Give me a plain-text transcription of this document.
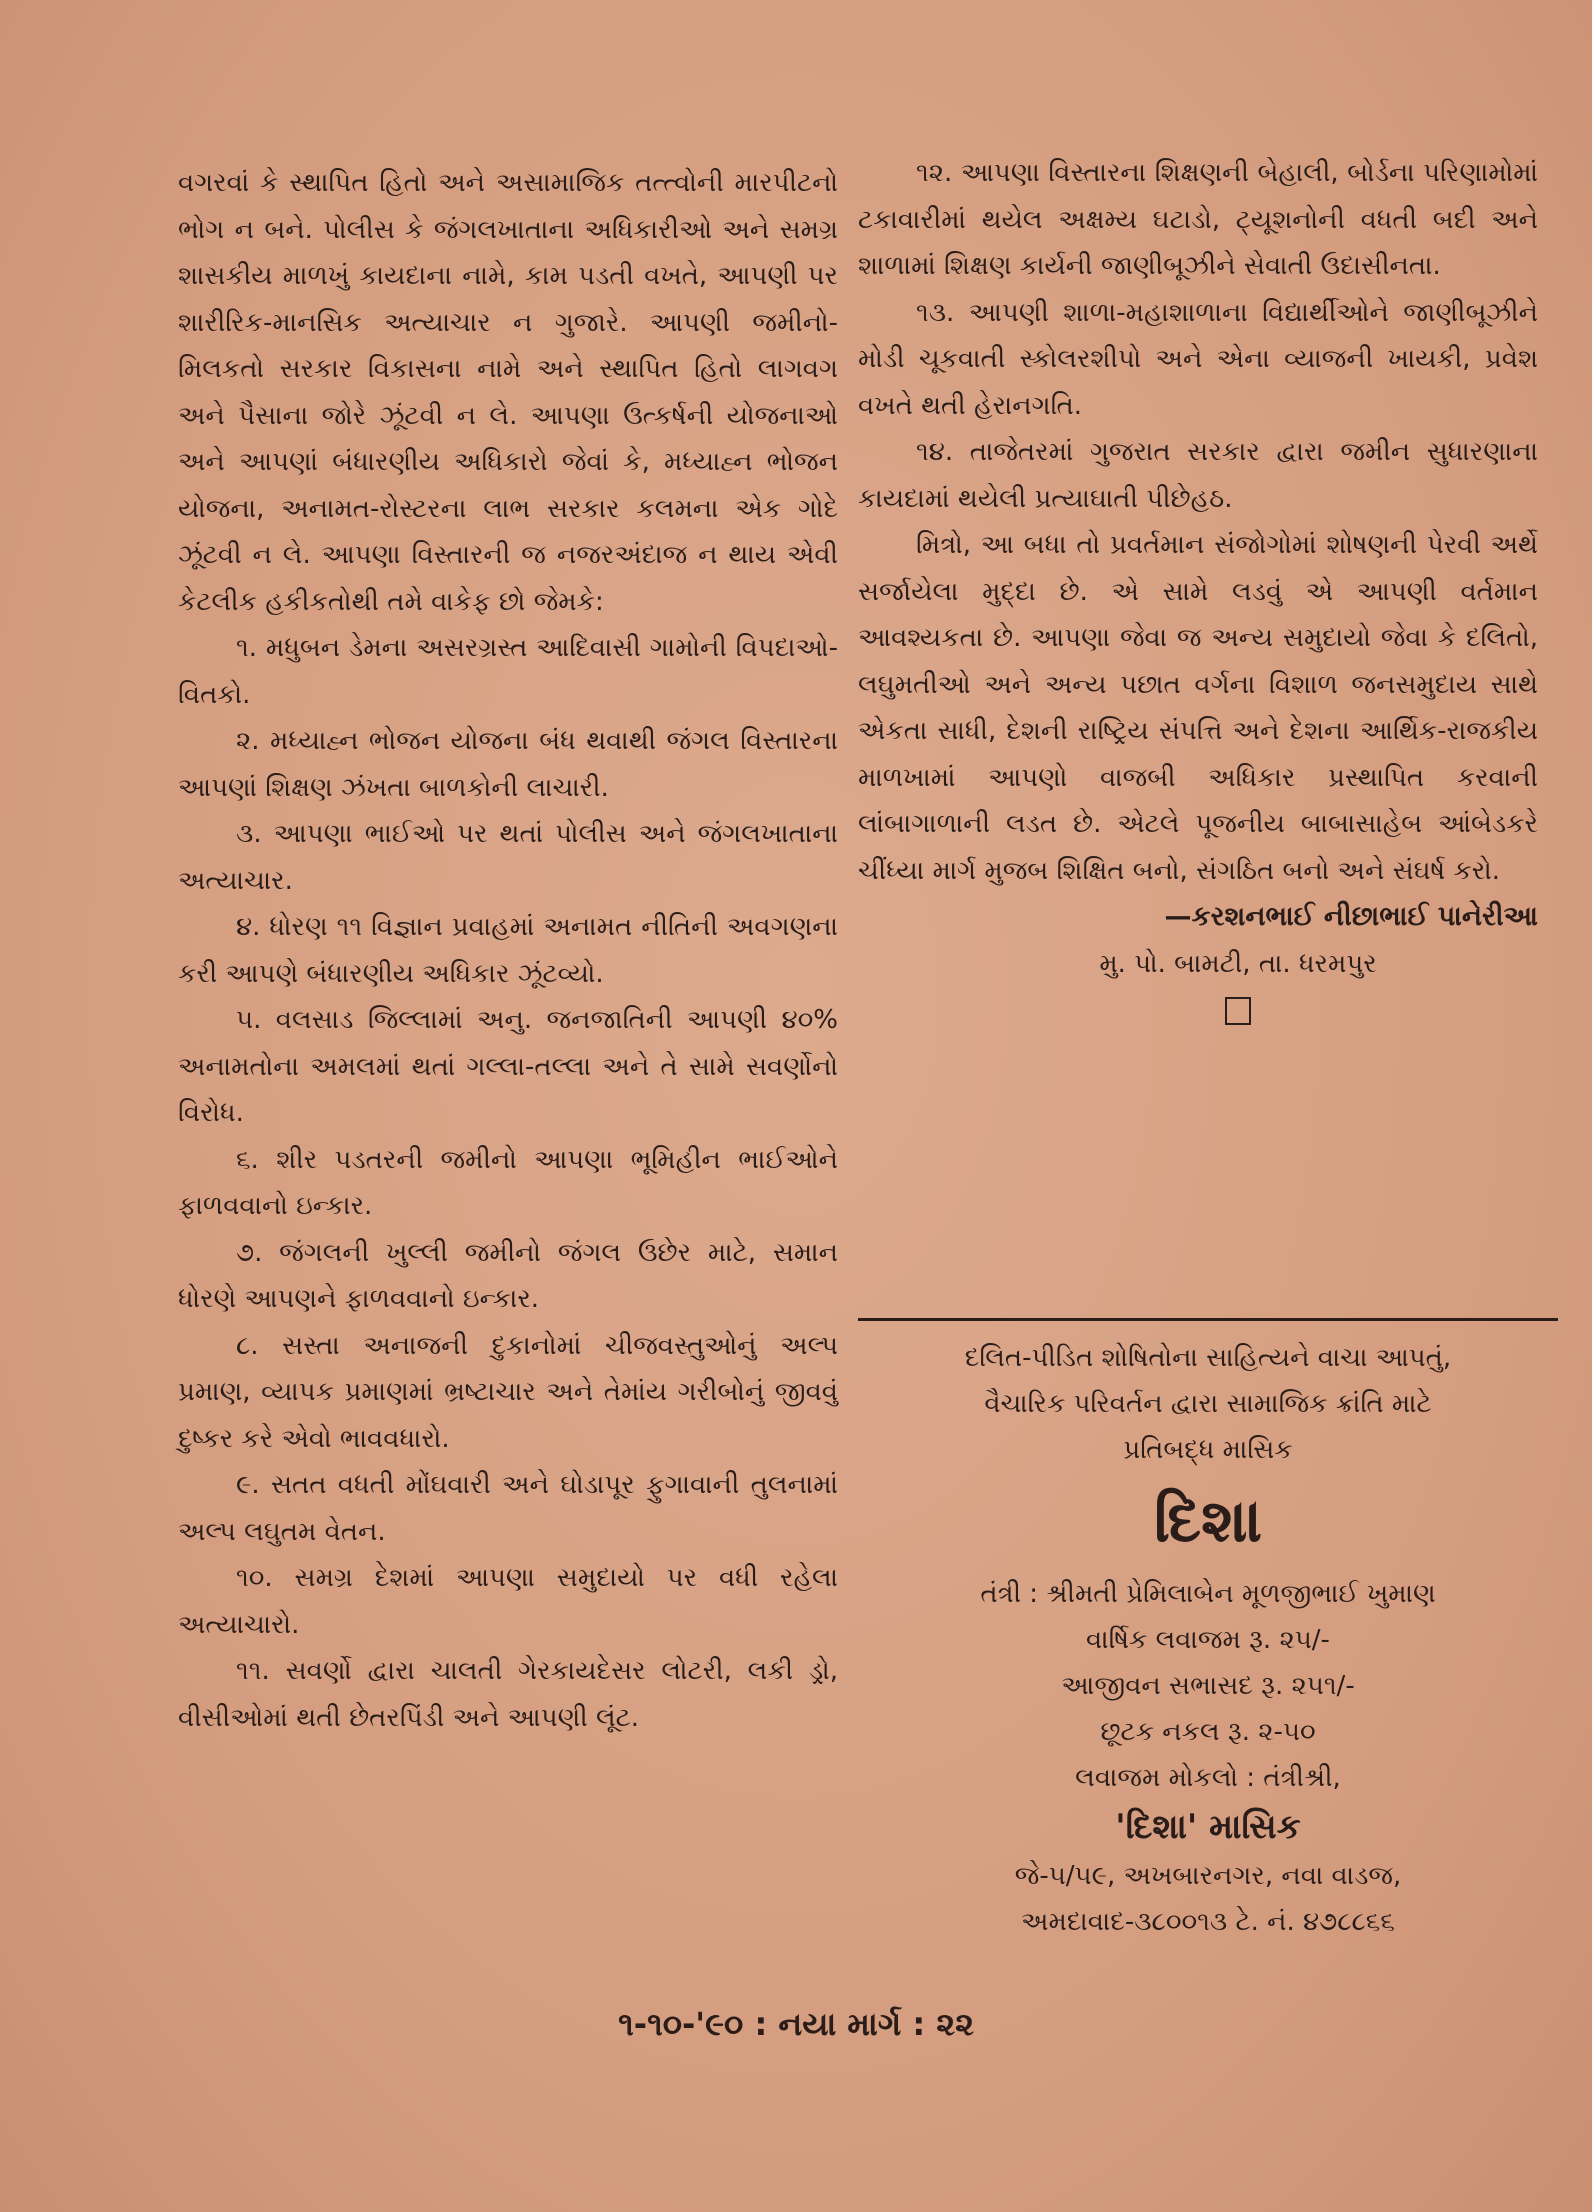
વગરવાં કે સ્થાપિત હિતો અને અસામાજિક તત્ત્વોની મારપીટનો ભોગ ન બને. પોલીસ કે જંગલખાતાના અધિકારીઓ અને સમગ્ર શાસકીય માળખું કાયદાના નામે, કામ પડતી વખતે, આપણી પર શારીરિક-માનસિક અત્યાચાર ન ગુજારે. આપણી જમીનો-મિલકતો સરકાર વિકાસના નામે અને સ્થાપિત હિતો લાગવગ અને પૈસાના જોરે ઝૂંટવી ન લે. આપણા ઉત્કર્ષની યોજનાઓ અને આપણાં બંધારણીય અધિકારો જેવાં કે, મધ્યાહ્ન ભોજન યોજના, અનામત-રોસ્ટરના લાભ સરકાર કલમના એક ગોદે ઝૂંટવી ન લે. આપણા વિસ્તારની જ નજરઅંદાજ ન થાય એવી કેટલીક હકીકતોથી તમે વાકેફ છો જેમકે:

૧. મધુબન ડેમના અસરગ્રસ્ત આદિવાસી ગામોની વિપદાઓ-વિતકો.

૨. મધ્યાહ્ન ભોજન યોજના બંધ થવાથી જંગલ વિસ્તારના આપણાં શિક્ષણ ઝંખતા બાળકોની લાચારી.

૩. આપણા ભાઈઓ પર થતાં પોલીસ અને જંગલખાતાના અત્યાચાર.

૪. ધોરણ ૧૧ વિજ્ઞાન પ્રવાહમાં અનામત નીતિની અવગણના કરી આપણે બંધારણીય અધિકાર ઝૂંટવ્યો.

૫. વલસાડ જિલ્લામાં અનુ. જનજાતિની આપણી ૪૦% અનામતોના અમલમાં થતાં ગલ્લા-તલ્લા અને તે સામે સવર્ણોનો વિરોધ.

૬. શીર પડતરની જમીનો આપણા ભૂમિહીન ભાઈઓને ફાળવવાનો ઇન્કાર.

૭. જંગલની ખુલ્લી જમીનો જંગલ ઉછેર માટે, સમાન ધોરણે આપણને ફાળવવાનો ઇન્કાર.

૮. સસ્તા અનાજની દુકાનોમાં ચીજવસ્તુઓનું અલ્પ પ્રમાણ, વ્યાપક પ્રમાણમાં ભ્રષ્ટાચાર અને તેમાંય ગરીબોનું જીવવું દુષ્કર કરે એવો ભાવવધારો.

૯. સતત વધતી મોંઘવારી અને ઘોડાપૂર ફુગાવાની તુલનામાં અલ્પ લઘુતમ વેતન.

૧૦. સમગ્ર દેશમાં આપણા સમુદાયો પર વધી રહેલા અત્યાચારો.

૧૧. સવર્ણો દ્વારા ચાલતી ગેરકાયદેસર લોટરી, લકી ડ્રો, વીસીઓમાં થતી છેતરપિંડી અને આપણી લૂંટ.

૧૨. આપણા વિસ્તારના શિક્ષણની બેહાલી, બોર્ડના પરિણામોમાં ટકાવારીમાં થયેલ અક્ષમ્ય ઘટાડો, ટ્યૂશનોની વધતી બદી અને શાળામાં શિક્ષણ કાર્યની જાણીબૂઝીને સેવાતી ઉદાસીનતા.

૧૩. આપણી શાળા-મહાશાળાના વિદ્યાર્થીઓને જાણીબૂઝીને મોડી ચૂકવાતી સ્કોલરશીપો અને એના વ્યાજની ખાયકી, પ્રવેશ વખતે થતી હેરાનગતિ.

૧૪. તાજેતરમાં ગુજરાત સરકાર દ્વારા જમીન સુધારણાના કાયદામાં થયેલી પ્રત્યાઘાતી પીછેહઠ.

મિત્રો, આ બધા તો પ્રવર્તમાન સંજોગોમાં શોષણની પેરવી અર્થે સર્જાયેલા મુદ્દા છે. એ સામે લડવું એ આપણી વર્તમાન આવશ્યકતા છે. આપણા જેવા જ અન્ય સમુદાયો જેવા કે દલિતો, લઘુમતીઓ અને અન્ય પછાત વર્ગના વિશાળ જનસમુદાય સાથે એકતા સાધી, દેશની રાષ્ટ્રિય સંપત્તિ અને દેશના આર્થિક-રાજકીય માળખામાં આપણો વાજબી અધિકાર પ્રસ્થાપિત કરવાની લાંબાગાળાની લડત છે. એટલે પૂજનીય બાબાસાહેબ આંબેડકરે ચીંધ્યા માર્ગ મુજબ શિક્ષિત બનો, સંગઠિત બનો અને સંઘર્ષ કરો.

—કરશનભાઈ નીછાભાઈ પાનેરીઆ

મુ. પો. બામટી, તા. ધરમપુર

દલિત-પીડિત શોષિતોના સાહિત્યને વાચા આપતું,

વૈચારિક પરિવર્તન દ્વારા સામાજિક ક્રાંતિ માટે

પ્રતિબદ્ધ માસિક

દિશા

તંત્રી : શ્રીમતી પ્રેમિલાબેન મૂળજીભાઈ ખુમાણ

વાર્ષિક લવાજમ રૂ. ૨૫/-

આજીવન સભાસદ રૂ. ૨૫૧/-

છૂટક નકલ રૂ. ૨-૫૦

લવાજમ મોકલો : તંત્રીશ્રી,

'દિશા' માસિક

જે-૫/૫૯, અખબારનગર, નવા વાડજ,

અમદાવાદ-૩૮૦૦૧૩ ટે. નં. ૪૭૮૮૬૬

૧-૧૦-'૯૦ : નયા માર્ગ : ૨૨
